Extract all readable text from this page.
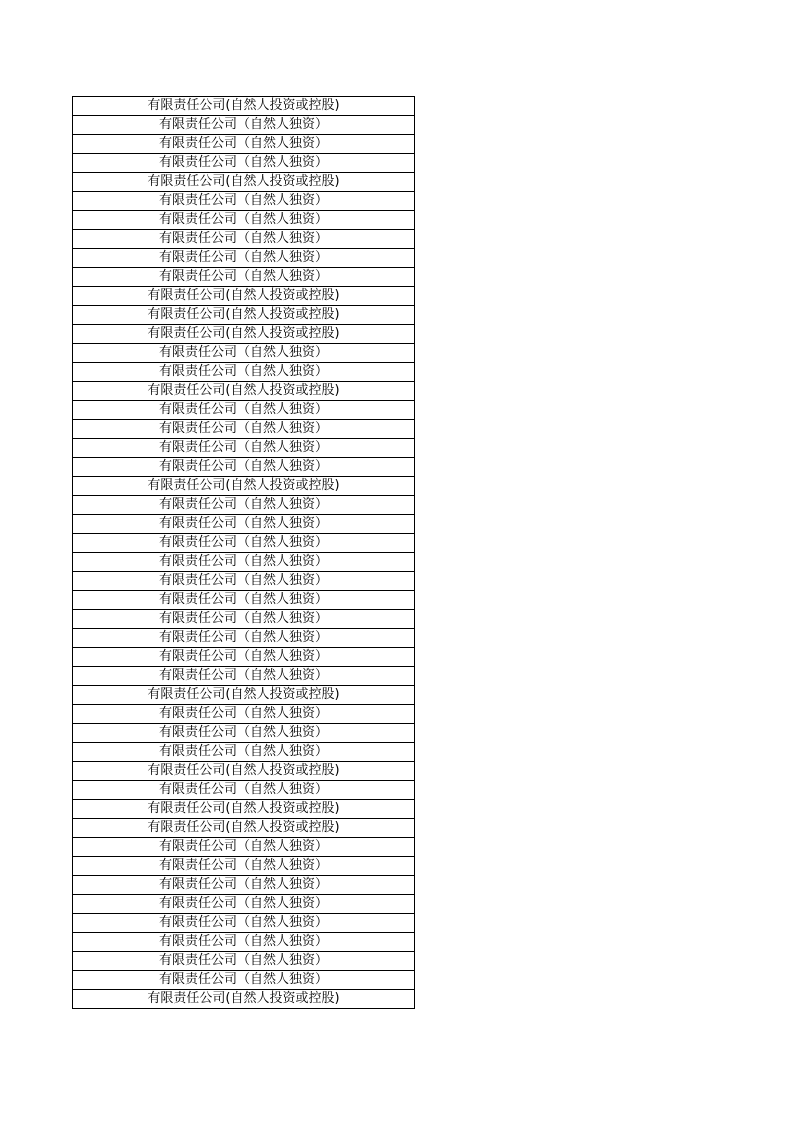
有限责任公司(自然人投资或控股)
有限责任公司（自然人独资）
有限责任公司（自然人独资）
有限责任公司（自然人独资）
有限责任公司(自然人投资或控股)
有限责任公司（自然人独资）
有限责任公司（自然人独资）
有限责任公司（自然人独资）
有限责任公司（自然人独资）
有限责任公司（自然人独资）
有限责任公司(自然人投资或控股)
有限责任公司(自然人投资或控股)
有限责任公司(自然人投资或控股)
有限责任公司（自然人独资）
有限责任公司（自然人独资）
有限责任公司(自然人投资或控股)
有限责任公司（自然人独资）
有限责任公司（自然人独资）
有限责任公司（自然人独资）
有限责任公司（自然人独资）
有限责任公司(自然人投资或控股)
有限责任公司（自然人独资）
有限责任公司（自然人独资）
有限责任公司（自然人独资）
有限责任公司（自然人独资）
有限责任公司（自然人独资）
有限责任公司（自然人独资）
有限责任公司（自然人独资）
有限责任公司（自然人独资）
有限责任公司（自然人独资）
有限责任公司（自然人独资）
有限责任公司(自然人投资或控股)
有限责任公司（自然人独资）
有限责任公司（自然人独资）
有限责任公司（自然人独资）
有限责任公司(自然人投资或控股)
有限责任公司（自然人独资）
有限责任公司(自然人投资或控股)
有限责任公司(自然人投资或控股)
有限责任公司（自然人独资）
有限责任公司（自然人独资）
有限责任公司（自然人独资）
有限责任公司（自然人独资）
有限责任公司（自然人独资）
有限责任公司（自然人独资）
有限责任公司（自然人独资）
有限责任公司（自然人独资）
有限责任公司(自然人投资或控股)
